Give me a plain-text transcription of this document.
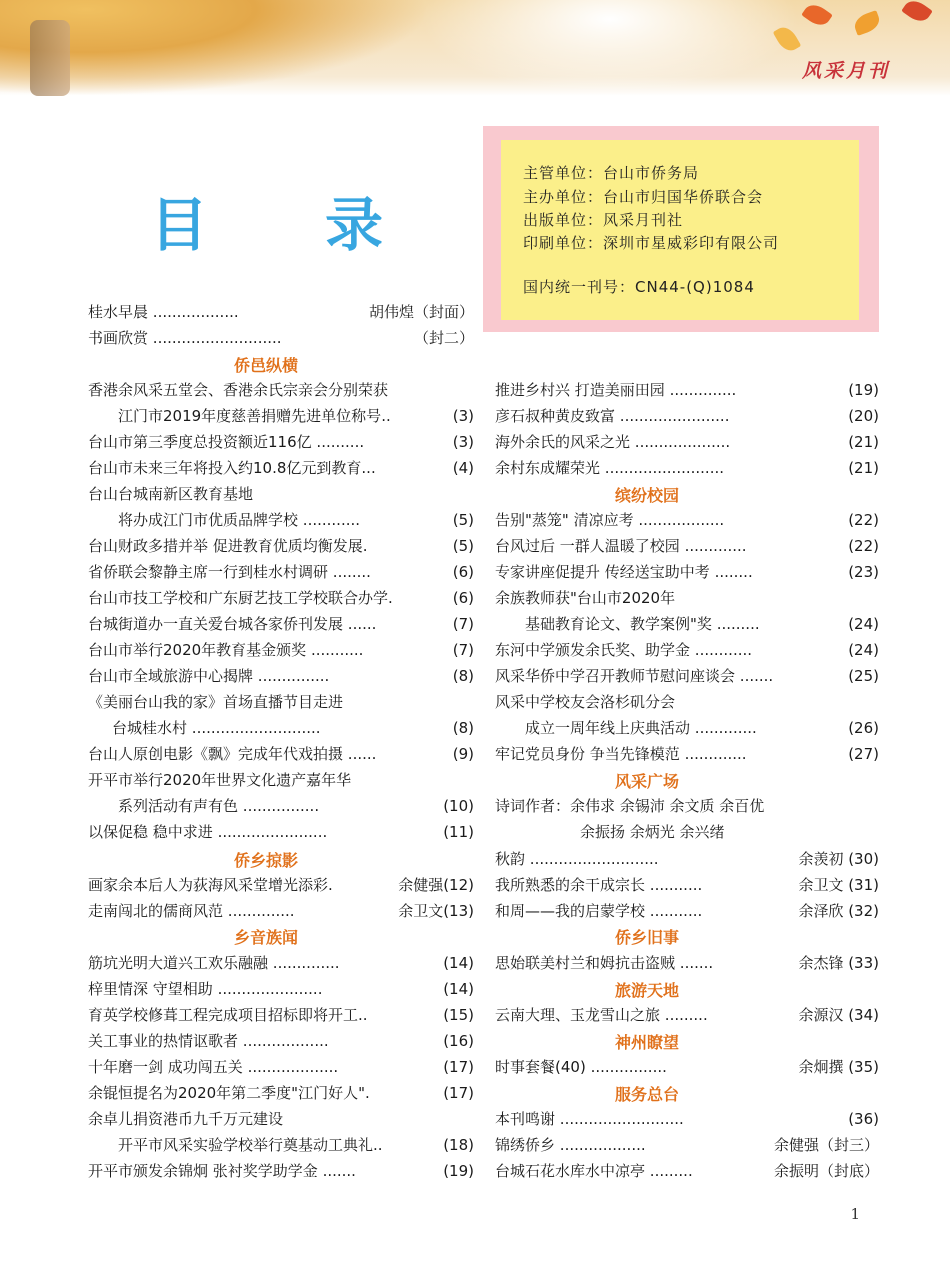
风采月刊
主管单位：台山市侨务局
主办单位：台山市归国华侨联合会
出版单位：风采月刊社
印刷单位：深圳市星威彩印有限公司
国内统一刊号：CN44-(Q)1084
目 录
桂水早晨 ..................	胡伟煌（封面）
书画欣赏 ...........................	（封二）
侨邑纵横
香港余风采五堂会、香港余氏宗亲会分别荣获
江门市2019年度慈善捐赠先进单位称号..	(3)
台山市第三季度总投资额近116亿 ..........	(3)
台山市未来三年将投入约10.8亿元到教育...	(4)
台山台城南新区教育基地
将办成江门市优质品牌学校 ............	(5)
台山财政多措并举 促进教育优质均衡发展.	(5)
省侨联会黎静主席一行到桂水村调研 ........	(6)
台山市技工学校和广东厨艺技工学校联合办学.	(6)
台城街道办一直关爱台城各家侨刊发展 ......	(7)
台山市举行2020年教育基金颁奖 ...........	(7)
台山市全域旅游中心揭牌 ...............	(8)
《美丽台山我的家》首场直播节目走进
台城桂水村 ...........................	(8)
台山人原创电影《飘》完成年代戏拍摄 ......	(9)
开平市举行2020年世界文化遗产嘉年华
系列活动有声有色 ................	(10)
以保促稳 稳中求进 .......................	(11)
侨乡掠影
画家余本后人为荻海风采堂增光添彩.	余健强(12)
走南闯北的儒商风范 ..............	余卫文(13)
乡音族闻
筋坑光明大道兴工欢乐融融 ..............	(14)
梓里情深 守望相助 ......................	(14)
育英学校修葺工程完成项目招标即将开工..	(15)
关工事业的热情讴歌者 ..................	(16)
十年磨一剑 成功闯五关 ...................	(17)
余锟恒提名为2020年第二季度"江门好人".	(17)
余卓儿捐资港币九千万元建设
开平市风采实验学校举行奠基动工典礼..	(18)
开平市颁发余锦炯 张衬奖学助学金 .......	(19)
推进乡村兴 打造美丽田园 ..............	(19)
彦石叔种黄皮致富 .......................	(20)
海外余氏的风采之光 ....................	(21)
余村东成耀荣光 .........................	(21)
缤纷校园
告别"蒸笼" 清凉应考 ..................	(22)
台风过后 一群人温暖了校园 .............	(22)
专家讲座促提升 传经送宝助中考 ........	(23)
余族教师获"台山市2020年
基础教育论文、教学案例"奖 .........	(24)
东河中学颁发余氏奖、助学金 ............	(24)
风采华侨中学召开教师节慰问座谈会 .......	(25)
风采中学校友会洛杉矶分会
成立一周年线上庆典活动 .............	(26)
牢记党员身份 争当先锋模范 .............	(27)
风采广场
诗词作者：余伟求 余锡沛 余文质 余百优
余振扬 余炳光 余兴绪
秋韵 ...........................	余羡初 (30)
我所熟悉的余干成宗长 ...........	余卫文 (31)
和周——我的启蒙学校 ...........	余泽欣 (32)
侨乡旧事
思始联美村兰和姆抗击盗贼 .......	余杰锋 (33)
旅游天地
云南大理、玉龙雪山之旅 .........	余源汉 (34)
神州瞭望
时事套餐(40) ................	余炯撰 (35)
服务总台
本刊鸣谢 ..........................	(36)
锦绣侨乡 ..................	余健强（封三）
台城石花水库水中凉亭 .........	余振明（封底）
1
